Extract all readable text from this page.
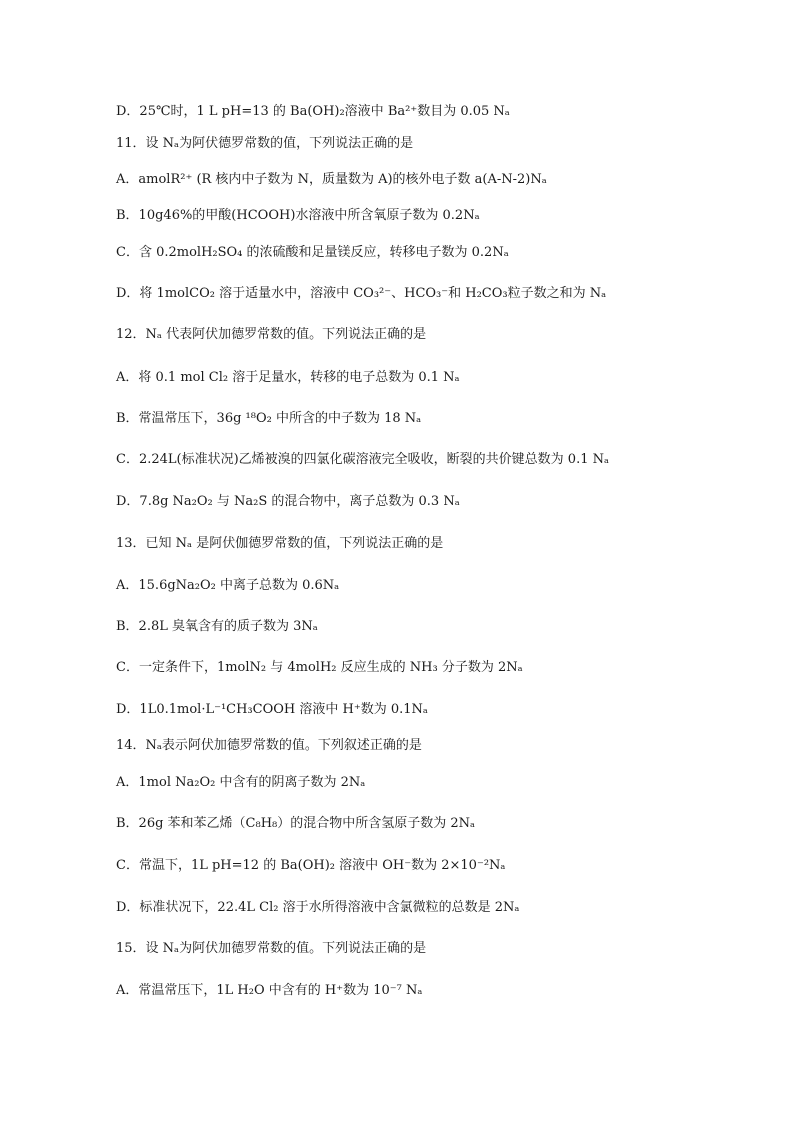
D．25℃时，1 L pH=13 的 Ba(OH)₂溶液中 Ba²⁺数目为 0.05 Nₐ
11．设 Nₐ为阿伏德罗常数的值，下列说法正确的是
A．amolR²⁺ (R 核内中子数为 N，质量数为 A)的核外电子数 a(A-N-2)Nₐ
B．10g46%的甲酸(HCOOH)水溶液中所含氧原子数为 0.2Nₐ
C．含 0.2molH₂SO₄ 的浓硫酸和足量镁反应，转移电子数为 0.2Nₐ
D．将 1molCO₂ 溶于适量水中，溶液中 CO₃²⁻、HCO₃⁻和 H₂CO₃粒子数之和为 Nₐ
12．Nₐ 代表阿伏加德罗常数的值。下列说法正确的是
A．将 0.1 mol Cl₂ 溶于足量水，转移的电子总数为 0.1 Nₐ
B．常温常压下，36g ¹⁸O₂ 中所含的中子数为 18 Nₐ
C．2.24L(标准状况)乙烯被溴的四氯化碳溶液完全吸收，断裂的共价键总数为 0.1 Nₐ
D．7.8g Na₂O₂ 与 Na₂S 的混合物中，离子总数为 0.3 Nₐ
13．已知 Nₐ 是阿伏伽德罗常数的值，下列说法正确的是
A．15.6gNa₂O₂ 中离子总数为 0.6Nₐ
B．2.8L 臭氧含有的质子数为 3Nₐ
C．一定条件下，1molN₂ 与 4molH₂ 反应生成的 NH₃ 分子数为 2Nₐ
D．1L0.1mol·L⁻¹CH₃COOH 溶液中 H⁺数为 0.1Nₐ
14．Nₐ表示阿伏加德罗常数的值。下列叙述正确的是
A．1mol Na₂O₂ 中含有的阴离子数为 2Nₐ
B．26g 苯和苯乙烯（C₈H₈）的混合物中所含氢原子数为 2Nₐ
C．常温下，1L pH=12 的 Ba(OH)₂ 溶液中 OH⁻数为 2×10⁻²Nₐ
D．标准状况下，22.4L Cl₂ 溶于水所得溶液中含氯微粒的总数是 2Nₐ
15．设 Nₐ为阿伏加德罗常数的值。下列说法正确的是
A．常温常压下，1L H₂O 中含有的 H⁺数为 10⁻⁷ Nₐ
